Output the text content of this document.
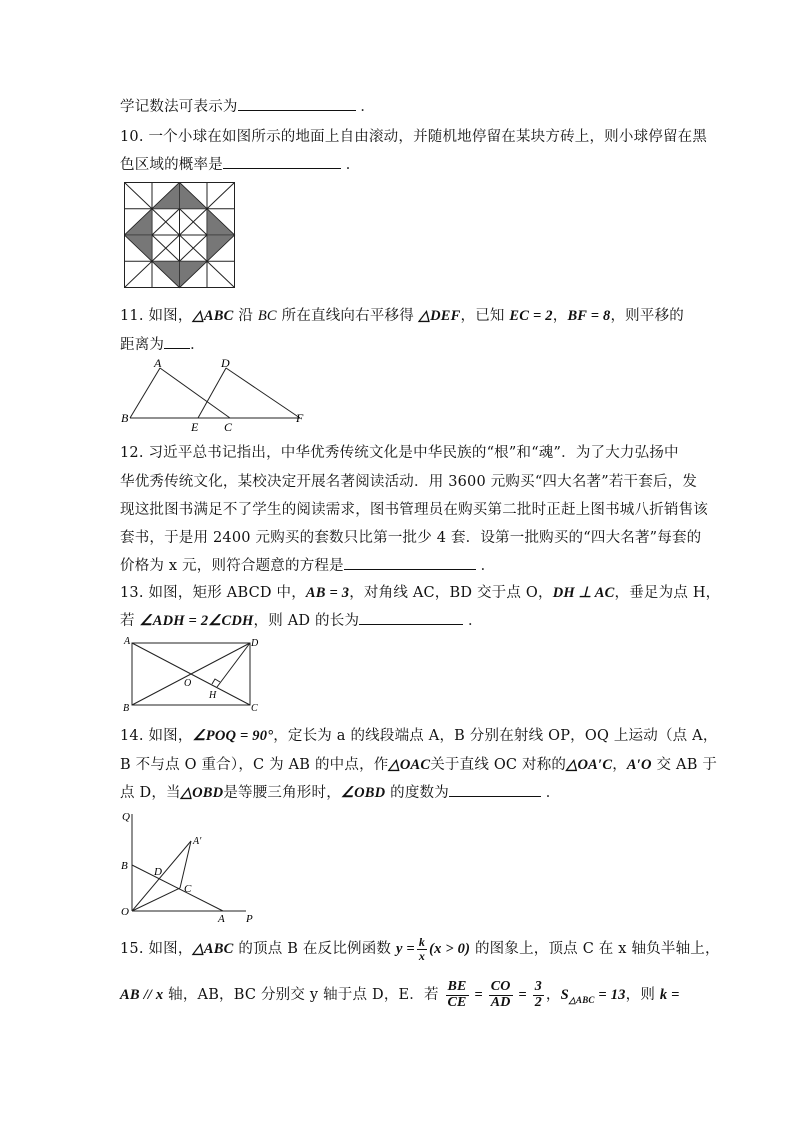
学记数法可表示为	．
10. 一个小球在如图所示的地面上自由滚动，并随机地停留在某块方砖上，则小球停留在黑
色区域的概率是	．
11. 如图，△ABC 沿 BC 所在直线向右平移得 △DEF，已知 EC = 2，BF = 8，则平移的
距离为 ．
A
B
C
D
E
F
12. 习近平总书记指出，中华优秀传统文化是中华民族的“根”和“魂”．为了大力弘扬中
华优秀传统文化，某校决定开展名著阅读活动．用 3600 元购买“四大名著”若干套后，发
现这批图书满足不了学生的阅读需求，图书管理员在购买第二批时正赶上图书城八折销售该
套书，于是用 2400 元购买的套数只比第一批少 4 套．设第一批购买的“四大名著”每套的
价格为 x 元，则符合题意的方程是	．
13. 如图，矩形 ABCD 中，AB = 3，对角线 AC，BD 交于点 O，DH ⊥ AC，垂足为点 H，
若 ∠ADH = 2∠CDH，则 AD 的长为	．
A
B	C
D
O
H
14. 如图，∠POQ = 90°，定长为 a 的线段端点 A，B 分别在射线 OP，OQ 上运动（点 A，
B 不与点 O 重合），C 为 AB 的中点，作△OAC关于直线 OC 对称的△OA′C，A′O 交 AB 于
点 D，当△OBD是等腰三角形时，∠OBD 的度数为	．
Q
B D
C
A′
O
A P
15. 如图，△ABC 的顶点 B 在反比例函数 $y = \frac{k}{x} (x > 0)$ 的图象上，顶点 C 在 x 轴负半轴上，
AB // x 轴，AB，BC 分别交 y 轴于点 D，E．若 $\frac{BE}{CE} = \frac{CO}{AD} = \frac{3}{2}$ ，$S_{\triangle ABC} = 13$，则 k =
